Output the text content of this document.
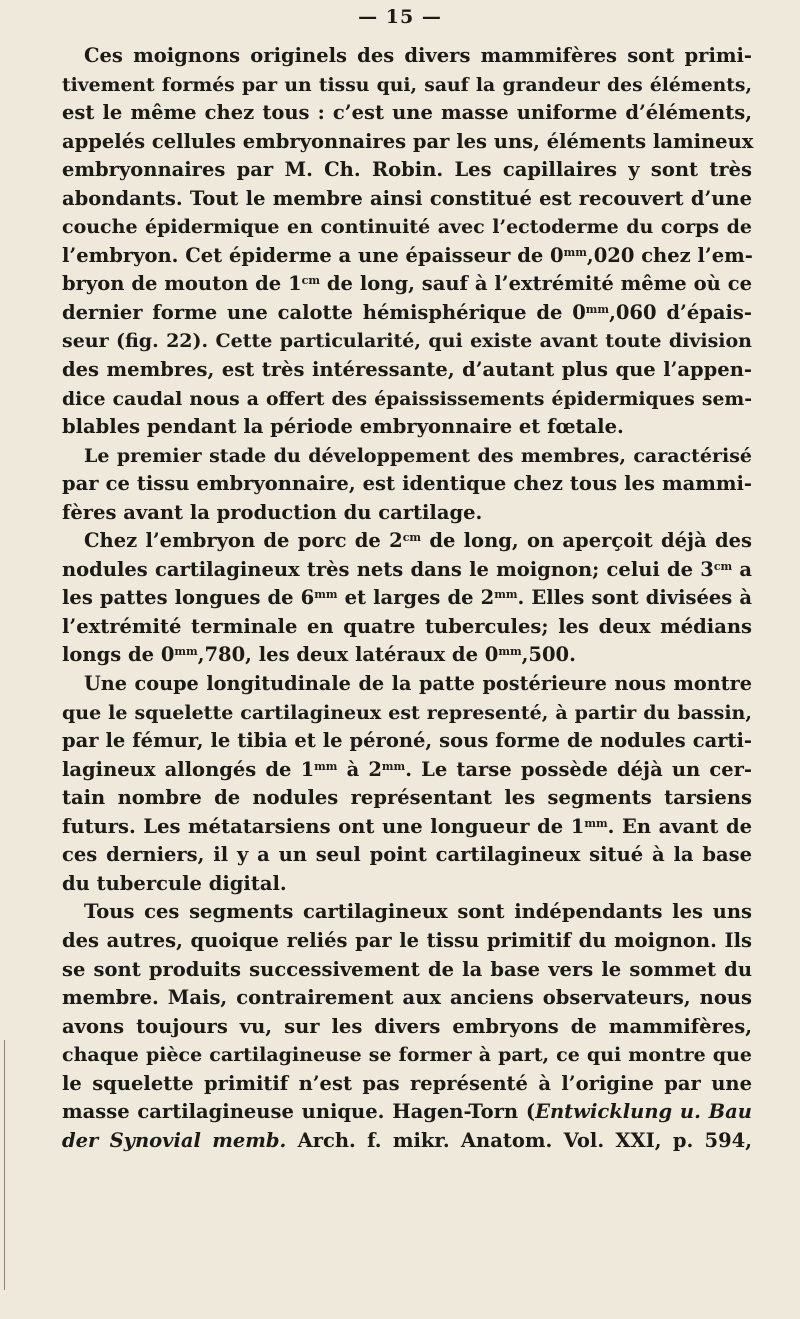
— 15 —
Ces moignons originels des divers mammifères sont primi-
tivement formés par un tissu qui, sauf la grandeur des éléments,
est le même chez tous : c’est une masse uniforme d’éléments,
appelés cellules embryonnaires par les uns, éléments lamineux
embryonnaires par M. Ch. Robin. Les capillaires y sont très
abondants. Tout le membre ainsi constitué est recouvert d’une
couche épidermique en continuité avec l’ectoderme du corps de
l’embryon. Cet épiderme a une épaisseur de $0^{mm},020$ chez l’em-
bryon de mouton de $1^{cm}$ de long, sauf à l’extrémité même où ce
dernier forme une calotte hémisphérique de $0^{mm},060$ d’épais-
seur (fig. 22). Cette particularité, qui existe avant toute division
des membres, est très intéressante, d’autant plus que l’appen-
dice caudal nous a offert des épaississements épidermiques sem-
blables pendant la période embryonnaire et fœtale.
Le premier stade du développement des membres, caractérisé
par ce tissu embryonnaire, est identique chez tous les mammi-
fères avant la production du cartilage.
Chez l’embryon de porc de $2^{cm}$ de long, on aperçoit déjà des
nodules cartilagineux très nets dans le moignon; celui de $3^{cm}$ a
les pattes longues de $6^{mm}$ et larges de $2^{mm}$. Elles sont divisées à
l’extrémité terminale en quatre tubercules; les deux médians
longs de $0^{mm},780$, les deux latéraux de $0^{mm},500$.
Une coupe longitudinale de la patte postérieure nous montre
que le squelette cartilagineux est representé, à partir du bassin,
par le fémur, le tibia et le péroné, sous forme de nodules carti-
lagineux allongés de $1^{mm}$ à $2^{mm}$. Le tarse possède déjà un cer-
tain nombre de nodules représentant les segments tarsiens
futurs. Les métatarsiens ont une longueur de $1^{mm}$. En avant de
ces derniers, il y a un seul point cartilagineux situé à la base
du tubercule digital.
Tous ces segments cartilagineux sont indépendants les uns
des autres, quoique reliés par le tissu primitif du moignon. Ils
se sont produits successivement de la base vers le sommet du
membre. Mais, contrairement aux anciens observateurs, nous
avons toujours vu, sur les divers embryons de mammifères,
chaque pièce cartilagineuse se former à part, ce qui montre que
le squelette primitif n’est pas représenté à l’origine par une
masse cartilagineuse unique. Hagen-Torn (Entwicklung u. Bau
der Synovial memb. Arch. f. mikr. Anatom. Vol. XXI, p. 594,
